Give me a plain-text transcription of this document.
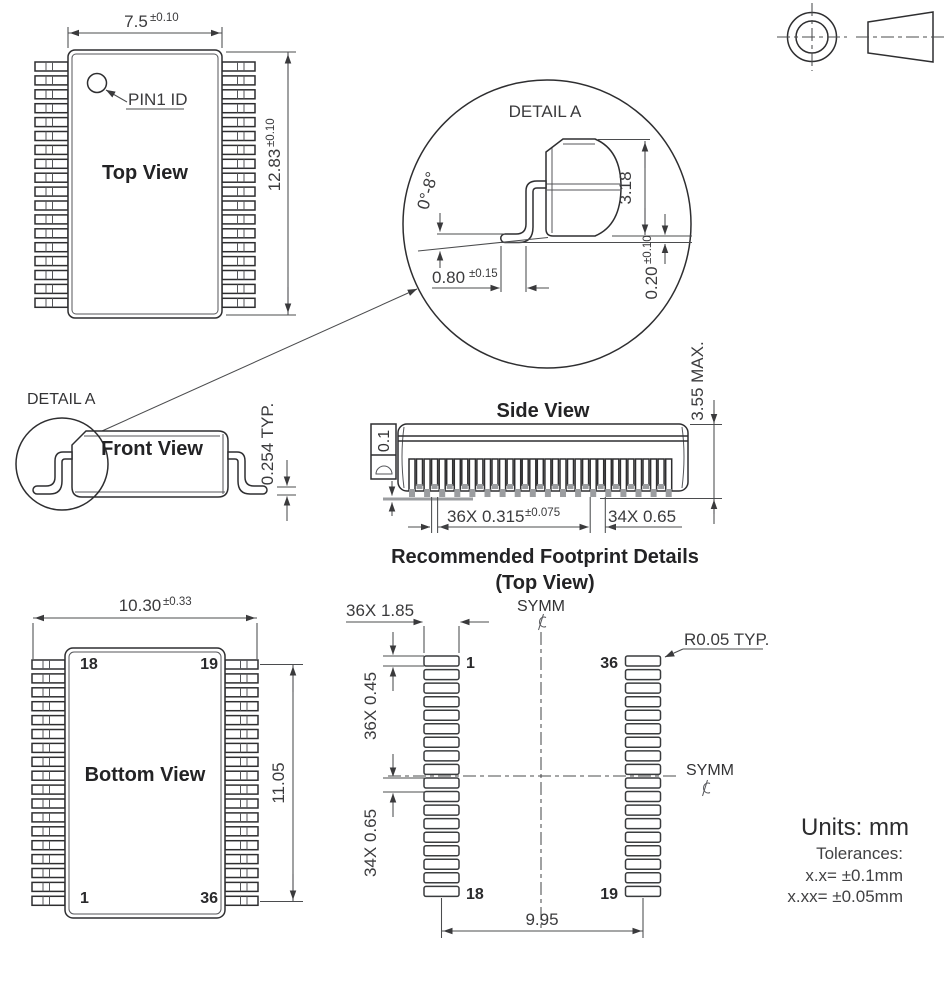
PIN1 ID
Top View
7.5 ±0.10
12.83
±0.10
DETAIL A
0°-8°	3.18
0.80 ±0.15	0.20
±0.10
DETAIL A
Front View	0.254 TYP.	Side View
0.1
3.55 MAX.
36X 0.315 ±0.075	34X 0.65
Recommended Footprint Details
(Top View)
SYMM
SYMM
1
18
36
19
36X 1.85
36X 0.45
34X 0.65
R0.05 TYP.
9.95
18	19
1	36
Bottom View
10.30 ±0.33
11.05
Units: mm
Tolerances:
x.x= ±0.1mm
x.xx= ±0.05mm
